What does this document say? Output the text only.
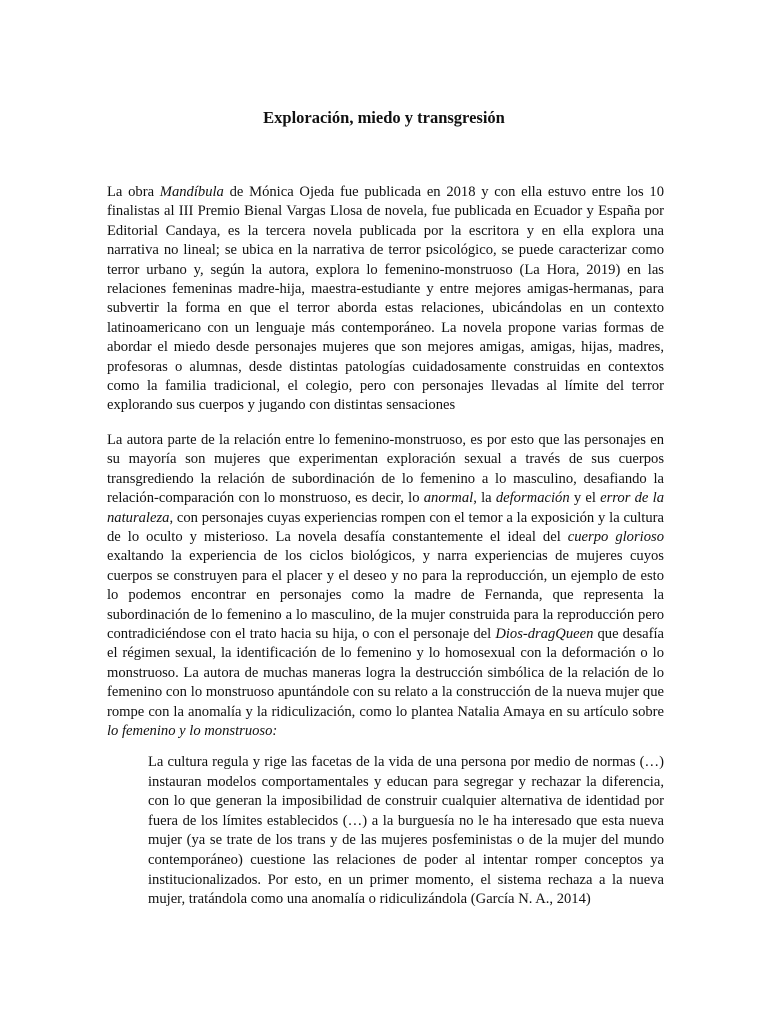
Exploración, miedo y transgresión

La obra Mandíbula de Mónica Ojeda fue publicada en 2018 y con ella estuvo entre los 10 finalistas al III Premio Bienal Vargas Llosa de novela, fue publicada en Ecuador y España por Editorial Candaya, es la tercera novela publicada por la escritora y en ella explora una narrativa no lineal; se ubica en la narrativa de terror psicológico, se puede caracterizar como terror urbano y, según la autora, explora lo femenino-monstruoso (La Hora, 2019) en las relaciones femeninas madre-hija, maestra-estudiante y entre mejores amigas-hermanas, para subvertir la forma en que el terror aborda estas relaciones, ubicándolas en un contexto latinoamericano con un lenguaje más contemporáneo. La novela propone varias formas de abordar el miedo desde personajes mujeres que son mejores amigas, amigas, hijas, madres, profesoras o alumnas, desde distintas patologías cuidadosamente construidas en contextos como la familia tradicional, el colegio, pero con personajes llevadas al límite del terror explorando sus cuerpos y jugando con distintas sensaciones

La autora parte de la relación entre lo femenino-monstruoso, es por esto que las personajes en su mayoría son mujeres que experimentan exploración sexual a través de sus cuerpos transgrediendo la relación de subordinación de lo femenino a lo masculino, desafiando la relación-comparación con lo monstruoso, es decir, lo anormal, la deformación y el error de la naturaleza, con personajes cuyas experiencias rompen con el temor a la exposición y la cultura de lo oculto y misterioso. La novela desafía constantemente el ideal del cuerpo glorioso exaltando la experiencia de los ciclos biológicos, y narra experiencias de mujeres cuyos cuerpos se construyen para el placer y el deseo y no para la reproducción, un ejemplo de esto lo podemos encontrar en personajes como la madre de Fernanda, que representa la subordinación de lo femenino a lo masculino, de la mujer construida para la reproducción pero contradiciéndose con el trato hacia su hija, o con el personaje del Dios-dragQueen que desafía el régimen sexual, la identificación de lo femenino y lo homosexual con la deformación o lo monstruoso. La autora de muchas maneras logra la destrucción simbólica de la relación de lo femenino con lo monstruoso apuntándole con su relato a la construcción de la nueva mujer que rompe con la anomalía y la ridiculización, como lo plantea Natalia Amaya en su artículo sobre lo femenino y lo monstruoso:

La cultura regula y rige las facetas de la vida de una persona por medio de normas (…) instauran modelos comportamentales y educan para segregar y rechazar la diferencia, con lo que generan la imposibilidad de construir cualquier alternativa de identidad por fuera de los límites establecidos (…) a la burguesía no le ha interesado que esta nueva mujer (ya se trate de los trans y de las mujeres posfeministas o de la mujer del mundo contemporáneo) cuestione las relaciones de poder al intentar romper conceptos ya institucionalizados. Por esto, en un primer momento, el sistema rechaza a la nueva mujer, tratándola como una anomalía o ridiculizándola (García N. A., 2014)
